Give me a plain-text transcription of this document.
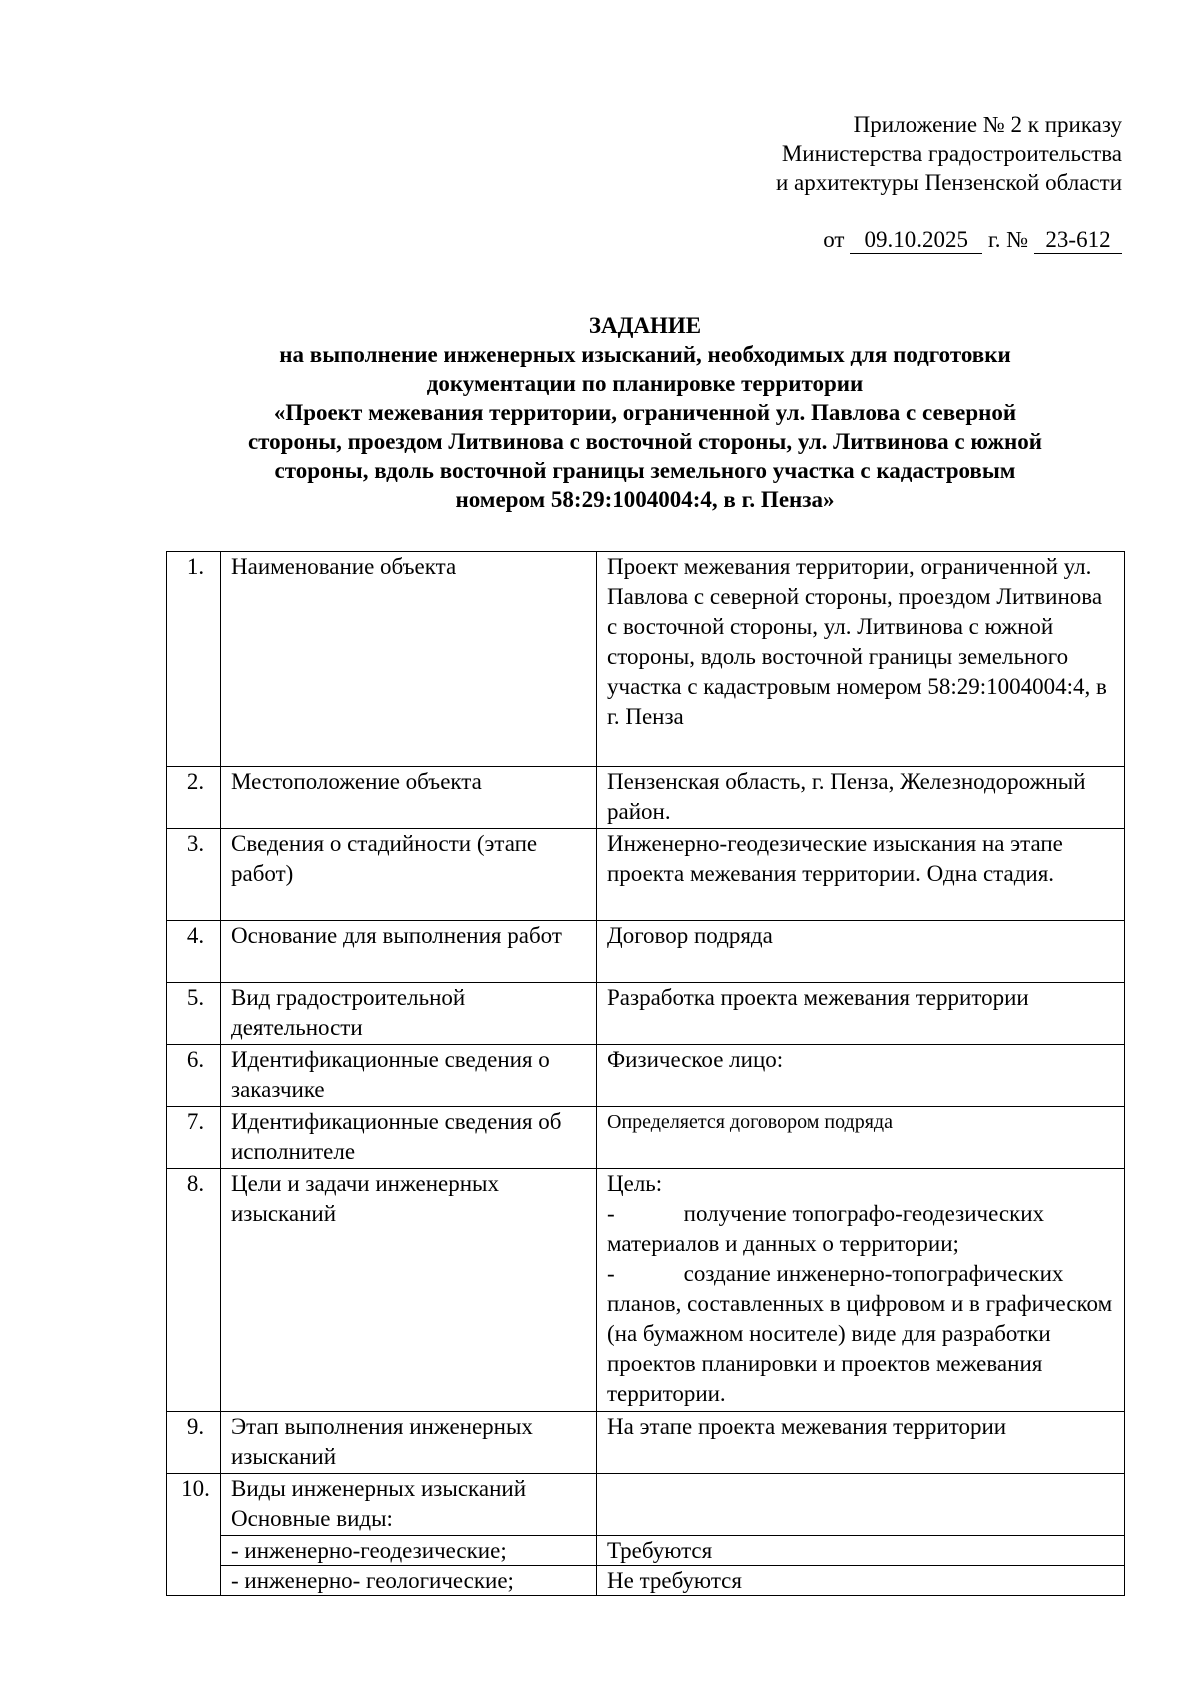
Приложение № 2 к приказу
Министерства градостроительства
и архитектуры Пензенской области
от 09.10.2025 г. № 23-612
ЗАДАНИЕ
на выполнение инженерных изысканий, необходимых для подготовки
документации по планировке территории
«Проект межевания территории, ограниченной ул. Павлова с северной
стороны, проездом Литвинова с восточной стороны, ул. Литвинова с южной
стороны, вдоль восточной границы земельного участка с кадастровым
номером 58:29:1004004:4, в г. Пенза»
1.	Наименование объекта	Проект межевания территории, ограниченной ул. Павлова с северной стороны, проездом Литвинова с восточной стороны, ул. Литвинова с южной стороны, вдоль восточной границы земельного участка с кадастровым номером 58:29:1004004:4, в г. Пенза
2.	Местоположение объекта	Пензенская область, г. Пенза, Железнодорожный район.
3.	Сведения о стадийности (этапе работ)	Инженерно-геодезические изыскания на этапе проекта межевания территории. Одна стадия.
4.	Основание для выполнения работ	Договор подряда
5.	Вид градостроительной деятельности	Разработка проекта межевания территории
6.	Идентификационные сведения о заказчике	Физическое лицо:
7.	Идентификационные сведения об исполнителе	Определяется договором подряда
8.	Цели и задачи инженерных изысканий	Цель:
-   получение топографо-геодезических материалов и данных о территории;
-   создание инженерно-топографических планов, составленных в цифровом и в графическом (на бумажном носителе) виде для разработки проектов планировки и проектов межевания территории.

9.	Этап выполнения инженерных изысканий	На этапе проекта межевания территории
10.	Виды инженерных изысканий Основные виды:	
	- инженерно-геодезические;	Требуются
	- инженерно- геологические;	Не требуются
